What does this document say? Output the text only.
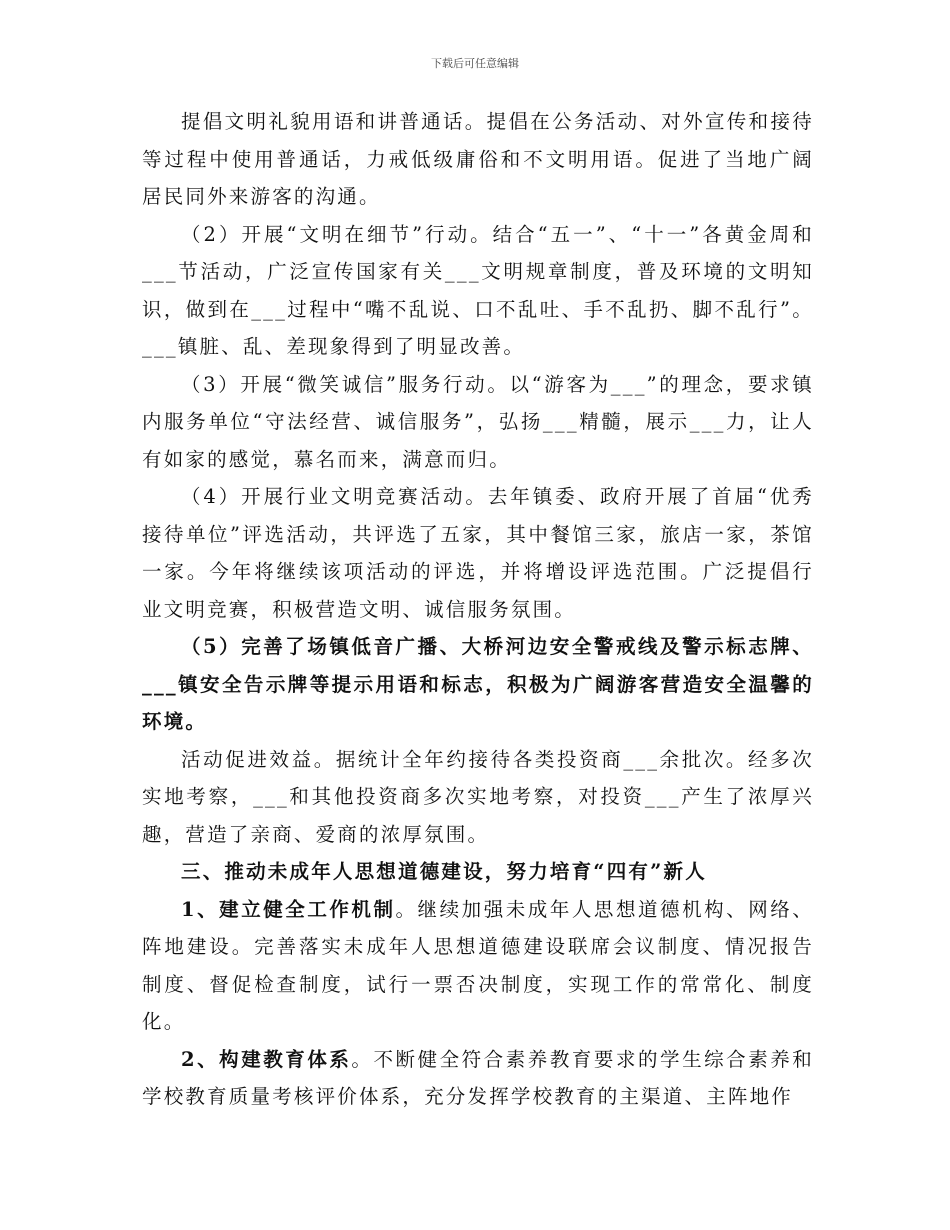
下载后可任意编辑

提倡文明礼貌用语和讲普通话。提倡在公务活动、对外宣传和接待等过程中使用普通话，力戒低级庸俗和不文明用语。促进了当地广阔居民同外来游客的沟通。

（2）开展“文明在细节”行动。结合“五一”、“十一”各黄金周和___节活动，广泛宣传国家有关___文明规章制度，普及环境的文明知识，做到在___过程中“嘴不乱说、口不乱吐、手不乱扔、脚不乱行”。___镇脏、乱、差现象得到了明显改善。

（3）开展“微笑诚信”服务行动。以“游客为___”的理念，要求镇内服务单位“守法经营、诚信服务”，弘扬___精髓，展示___力，让人有如家的感觉，慕名而来，满意而归。

（4）开展行业文明竞赛活动。去年镇委、政府开展了首届“优秀接待单位”评选活动，共评选了五家，其中餐馆三家，旅店一家，茶馆一家。今年将继续该项活动的评选，并将增设评选范围。广泛提倡行业文明竞赛，积极营造文明、诚信服务氛围。

（5）完善了场镇低音广播、大桥河边安全警戒线及警示标志牌、___镇安全告示牌等提示用语和标志，积极为广阔游客营造安全温馨的环境。

活动促进效益。据统计全年约接待各类投资商___余批次。经多次实地考察，___和其他投资商多次实地考察，对投资___产生了浓厚兴趣，营造了亲商、爱商的浓厚氛围。

三、推动未成年人思想道德建设，努力培育“四有”新人

1、建立健全工作机制。继续加强未成年人思想道德机构、网络、阵地建设。完善落实未成年人思想道德建设联席会议制度、情况报告制度、督促检查制度，试行一票否决制度，实现工作的常常化、制度化。

2、构建教育体系。不断健全符合素养教育要求的学生综合素养和学校教育质量考核评价体系，充分发挥学校教育的主渠道、主阵地作
